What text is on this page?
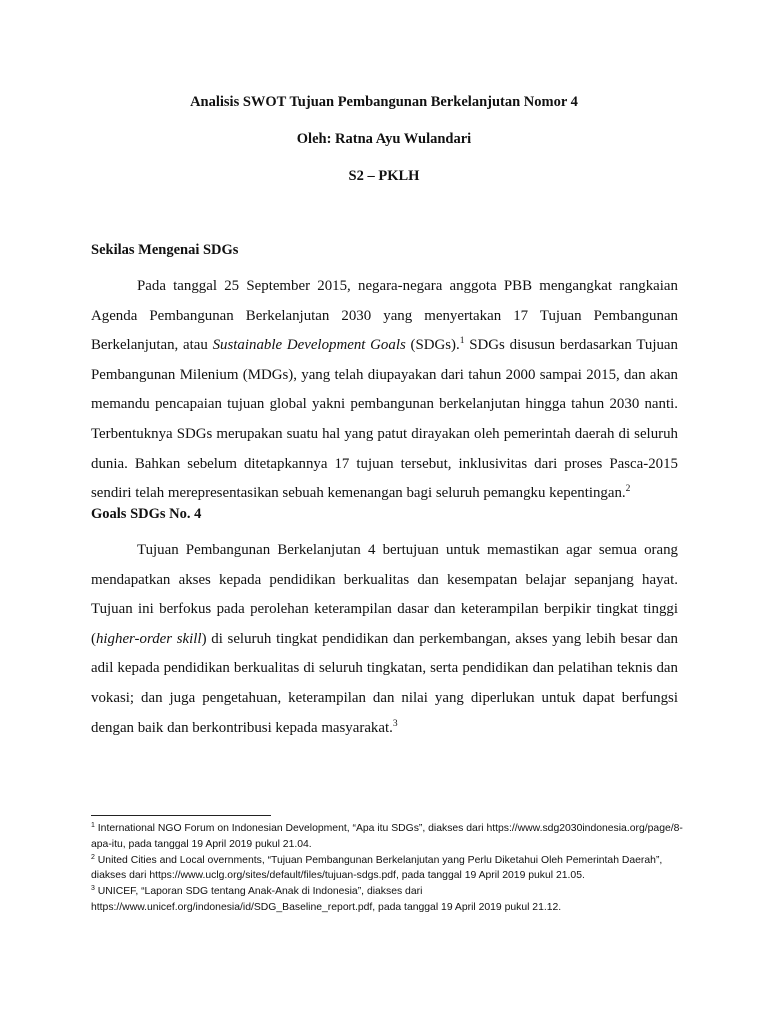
Analisis SWOT Tujuan Pembangunan Berkelanjutan Nomor 4
Oleh: Ratna Ayu Wulandari
S2 – PKLH
Sekilas Mengenai SDGs

Pada tanggal 25 September 2015, negara-negara anggota PBB mengangkat rangkaian Agenda Pembangunan Berkelanjutan 2030 yang menyertakan 17 Tujuan Pembangunan Berkelanjutan, atau Sustainable Development Goals (SDGs).$^1$ SDGs disusun berdasarkan Tujuan Pembangunan Milenium (MDGs), yang telah diupayakan dari tahun 2000 sampai 2015, dan akan memandu pencapaian tujuan global yakni pembangunan berkelanjutan hingga tahun 2030 nanti. Terbentuknya SDGs merupakan suatu hal yang patut dirayakan oleh pemerintah daerah di seluruh dunia. Bahkan sebelum ditetapkannya 17 tujuan tersebut, inklusivitas dari proses Pasca-2015 sendiri telah merepresentasikan sebuah kemenangan bagi seluruh pemangku kepentingan.$^2$

Goals SDGs No. 4

Tujuan Pembangunan Berkelanjutan 4 bertujuan untuk memastikan agar semua orang mendapatkan akses kepada pendidikan berkualitas dan kesempatan belajar sepanjang hayat. Tujuan ini berfokus pada perolehan keterampilan dasar dan keterampilan berpikir tingkat tinggi (higher-order skill) di seluruh tingkat pendidikan dan perkembangan, akses yang lebih besar dan adil kepada pendidikan berkualitas di seluruh tingkatan, serta pendidikan dan pelatihan teknis dan vokasi; dan juga pengetahuan, keterampilan dan nilai yang diperlukan untuk dapat berfungsi dengan baik dan berkontribusi kepada masyarakat.$^3$

$^1$ International NGO Forum on Indonesian Development, “Apa itu SDGs”, diakses dari https://www.sdg2030indonesia.org/page/8-apa-itu, pada tanggal 19 April 2019 pukul 21.04.

$^2$ United Cities and Local overnments, “Tujuan Pembangunan Berkelanjutan yang Perlu Diketahui Oleh Pemerintah Daerah”, diakses dari https://www.uclg.org/sites/default/files/tujuan-sdgs.pdf, pada tanggal 19 April 2019 pukul 21.05.

$^3$ UNICEF, “Laporan SDG tentang Anak-Anak di Indonesia”, diakses dari https://www.unicef.org/indonesia/id/SDG_Baseline_report.pdf, pada tanggal 19 April 2019 pukul 21.12.
